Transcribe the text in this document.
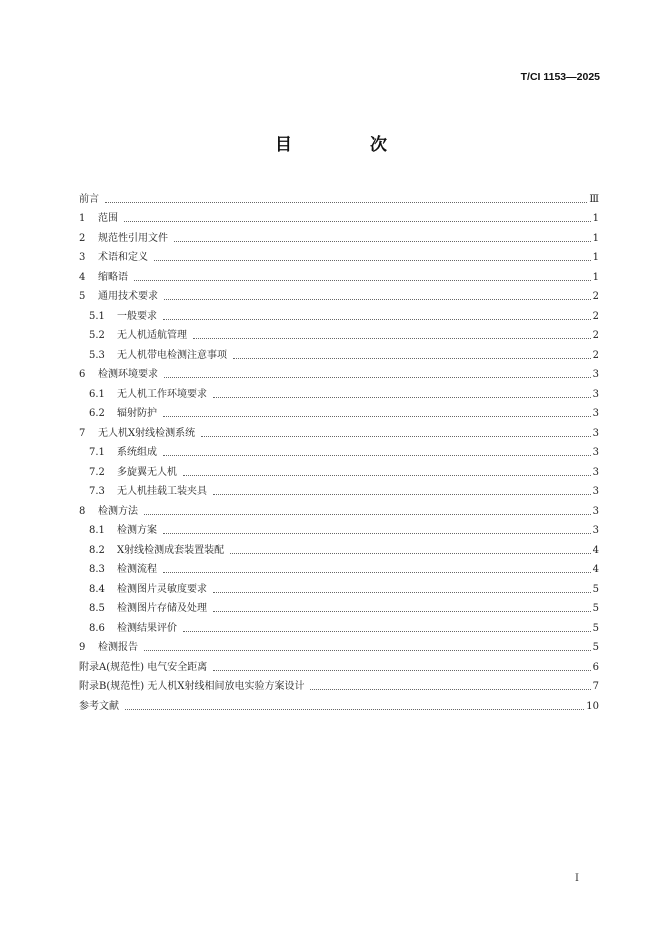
T/CI 1153—2025
目 次
前言	Ⅲ
1	范围	1
2	规范性引用文件	1
3	术语和定义	1
4	缩略语	1
5	通用技术要求	2
5.1	一般要求	2
5.2	无人机适航管理	2
5.3	无人机带电检测注意事项	2
6	检测环境要求	3
6.1	无人机工作环境要求	3
6.2	辐射防护	3
7	无人机X射线检测系统	3
7.1	系统组成	3
7.2	多旋翼无人机	3
7.3	无人机挂载工装夹具	3
8	检测方法	3
8.1	检测方案	3
8.2	X射线检测成套装置装配	4
8.3	检测流程	4
8.4	检测图片灵敏度要求	5
8.5	检测图片存储及处理	5
8.6	检测结果评价	5
9	检测报告	5
附录A(规范性) 电气安全距离	6
附录B(规范性) 无人机X射线相间放电实验方案设计	7
参考文献	10
I
